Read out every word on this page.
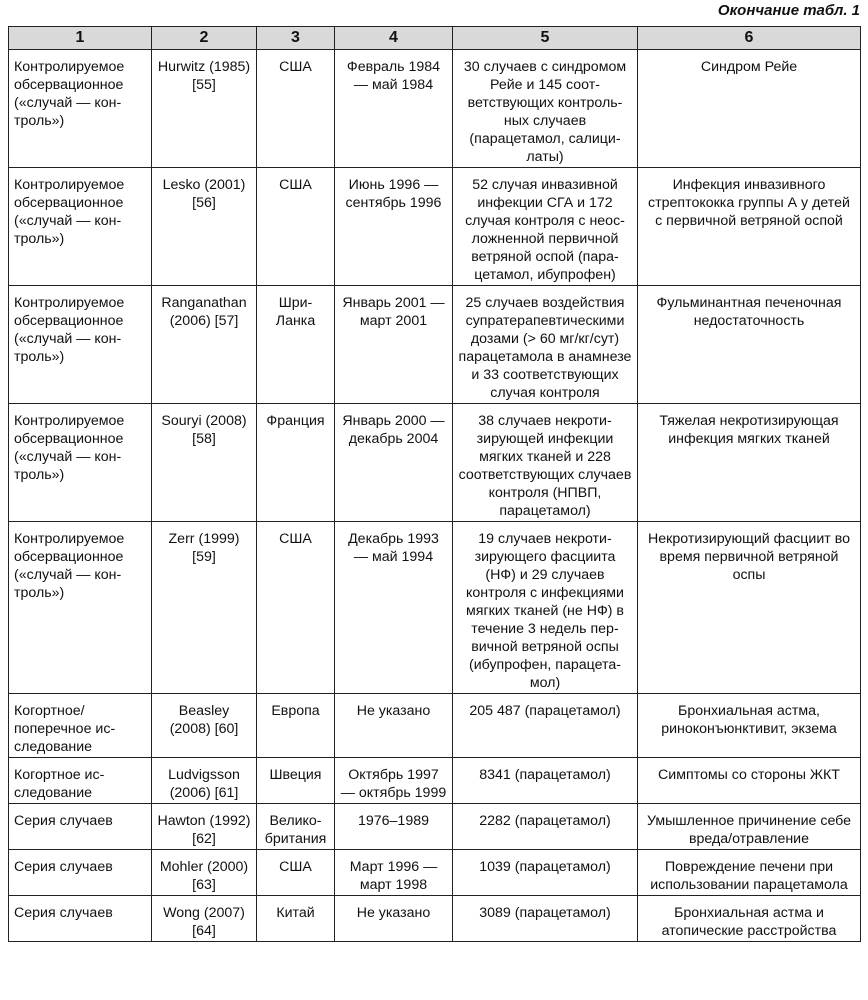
Окончание табл. 1
1	2	3	4	5	6
Контролируемое обсервационное («случай — контроль»)	Hurwitz (1985) [55]	США	Февраль 1984 — май 1984	30 случаев с синдромом Рейе и 145 соответствующих контрольных случаев (парацетамол, салицилаты)	Синдром Рейе
Контролируемое обсервационное («случай — контроль»)	Lesko (2001) [56]	США	Июнь 1996 — сентябрь 1996	52 случая инвазивной инфекции СГА и 172 случая контроля с неосложненной первичной ветряной оспой (парацетамол, ибупрофен)	Инфекция инвазивного стрептококка группы А у детей с первичной ветряной оспой
Контролируемое обсервационное («случай — контроль»)	Ranganathan (2006) [57]	Шри-Ланка	Январь 2001 — март 2001	25 случаев воздействия супратерапевтическими дозами (> 60 мг/кг/сут) парацетамола в анамнезе и 33 соответствующих случая контроля	Фульминантная печеночная недостаточность
Контролируемое обсервационное («случай — контроль»)	Souryi (2008) [58]	Франция	Январь 2000 — декабрь 2004	38 случаев некротизирующей инфекции мягких тканей и 228 соответствующих случаев контроля (НПВП, парацетамол)	Тяжелая некротизирующая инфекция мягких тканей
Контролируемое обсервационное («случай — контроль»)	Zerr (1999) [59]	США	Декабрь 1993 — май 1994	19 случаев некротизирующего фасциита (НФ) и 29 случаев контроля с инфекциями мягких тканей (не НФ) в течение 3 недель первичной ветряной оспы (ибупрофен, парацетамол)	Некротизирующий фасциит во время первичной ветряной оспы
Когортное/ поперечное исследование	Beasley (2008) [60]	Европа	Не указано	205 487 (парацетамол)	Бронхиальная астма, риноконъюнктивит, экзема
Когортное исследование	Ludvigsson (2006) [61]	Швеция	Октябрь 1997 — октябрь 1999	8341 (парацетамол)	Симптомы со стороны ЖКТ
Серия случаев	Hawton (1992) [62]	Великобритания	1976–1989	2282 (парацетамол)	Умышленное причинение себе вреда/отравление
Серия случаев	Mohler (2000) [63]	США	Март 1996 — март 1998	1039 (парацетамол)	Повреждение печени при использовании парацетамола
Серия случаев	Wong (2007) [64]	Китай	Не указано	3089 (парацетамол)	Бронхиальная астма и атопические расстройства
